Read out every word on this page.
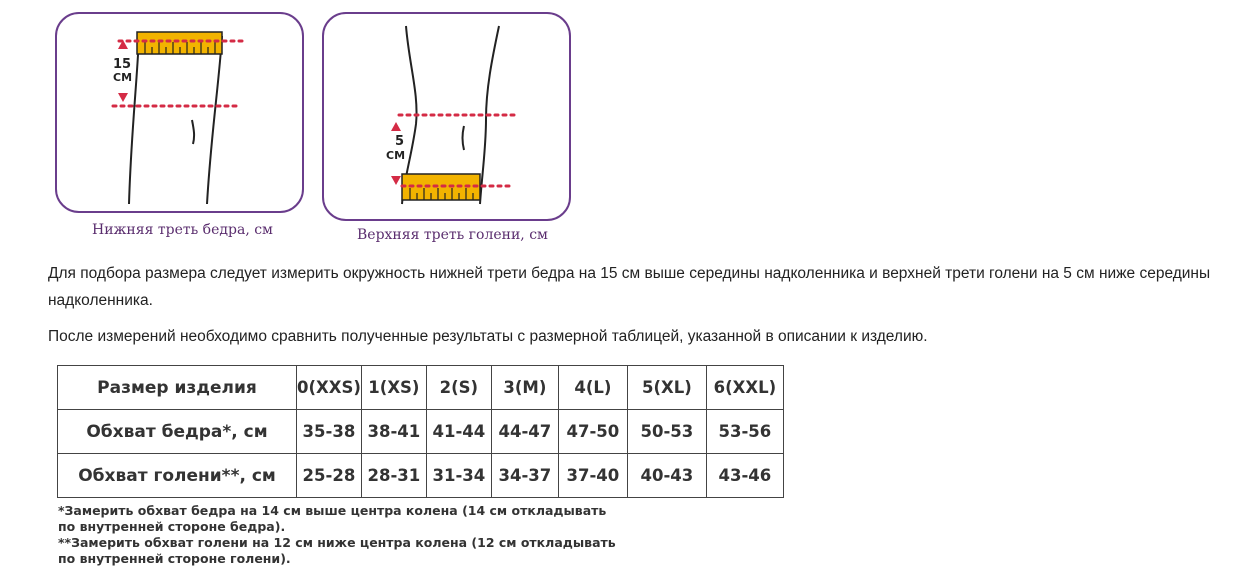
15
СМ
Нижняя треть бедра, см
5
СМ
Верхняя треть голени, см
Для подбора размера следует измерить окружность нижней трети бедра на 15 см выше середины надколенника и верхней трети голени на 5 см ниже середины надколенника.
После измерений необходимо сравнить полученные результаты с размерной таблицей, указанной в описании к изделию.
Размер изделия	0(XXS)	1(XS)	2(S)	3(M)	4(L)	5(XL)	6(XXL)
Обхват бедра*, см	35-38	38-41	41-44	44-47	47-50	50-53	53-56
Обхват голени**, см	25-28	28-31	31-34	34-37	37-40	40-43	43-46
*Замерить обхват бедра на 14 см выше центра колена (14 см откладывать
по внутренней стороне бедра).
**Замерить обхват голени на 12 см ниже центра колена (12 см откладывать
по внутренней стороне голени).
